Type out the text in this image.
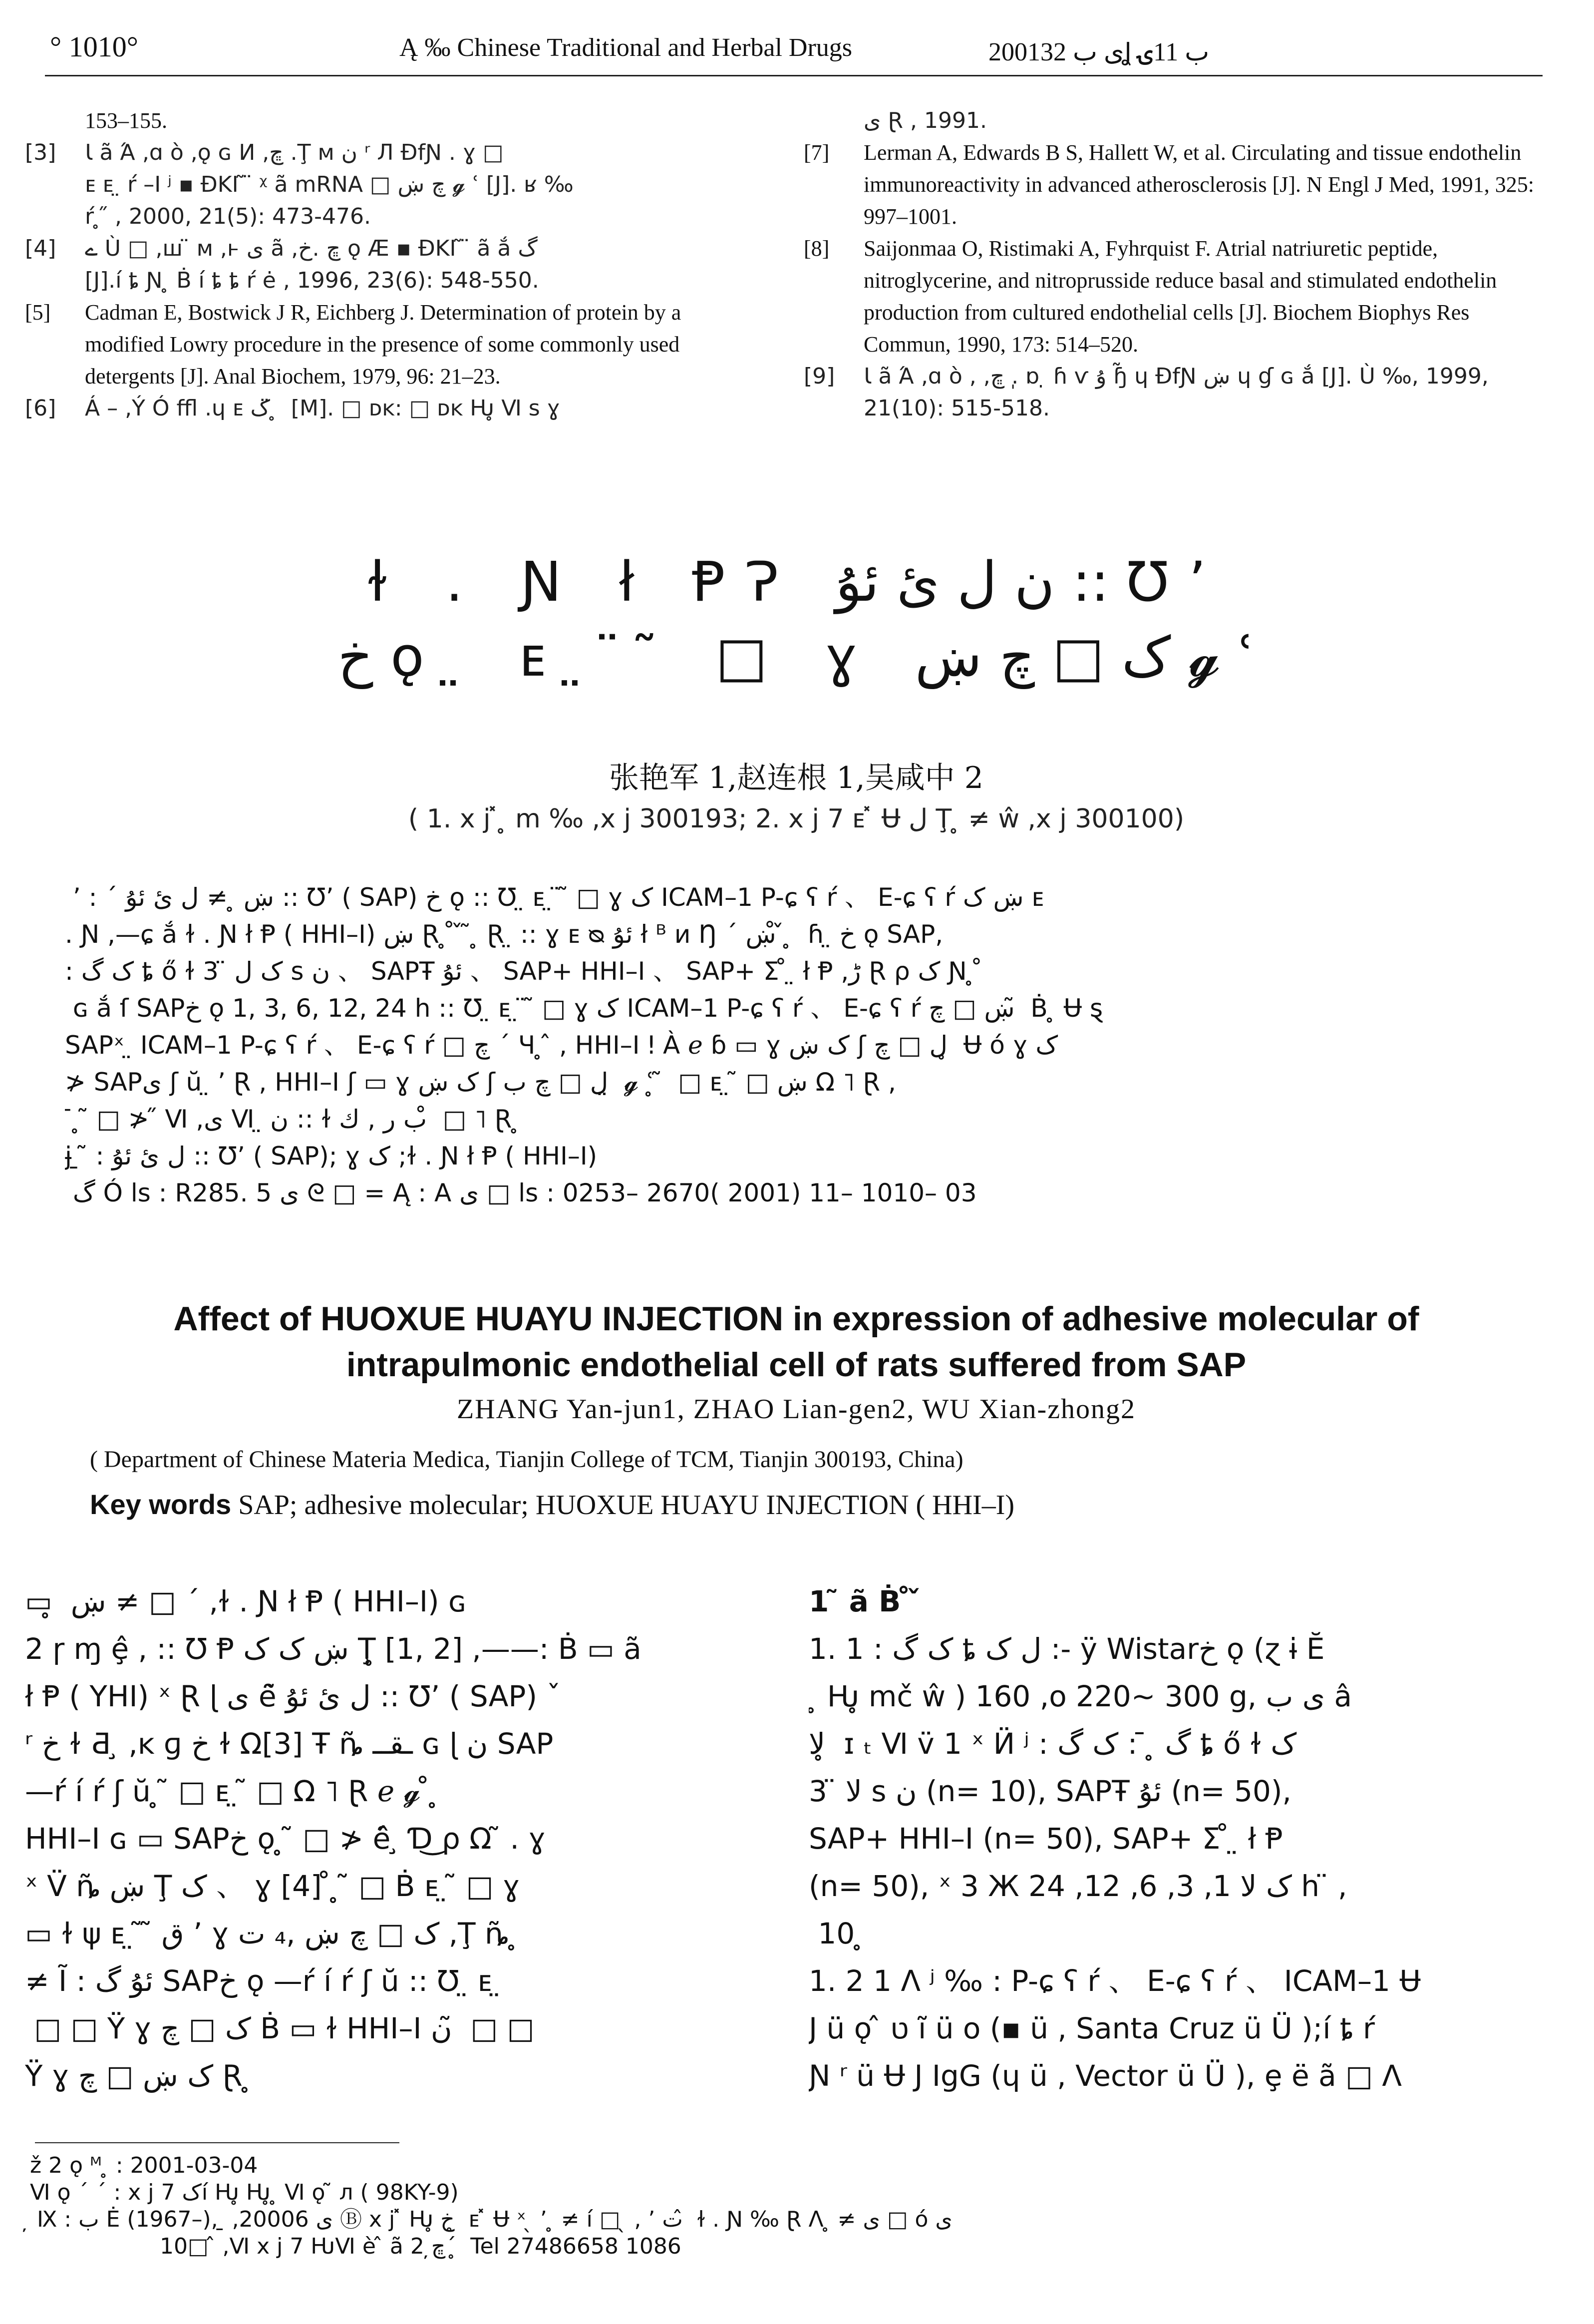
° 1010°	Ą ‰ Chinese Traditional and Herbal Drugs	2001ى ب 32Ʝ ب 11ۍ
153–155.
[3]	Ɩ ã Ά ,ɑ ò ,ǫ ɢ И ,ڇ .Ţ ᴍ ن ʳ Л ÐfƝ . ɣ □
ᴇ ᴇ ̤ ŕ –I ʲ ▪ ƉKI ̃ ̈ ᵡ ã mRNA □ چ ښ 𝓰 ʿ [J]. ʁ ‰
ŕ ̥ ̋ , 2000, 21(5): 473-476.
[4]	ے Ù □ ,ш ̈ ᴍ ,ⱶ ى ã ,ڇ .ﺥ ǫ Æ ▪ ƉKI ̃ ̈ ã ắ گ
[J].í ȶ Ɲ ̥ Ḃ í ȶ ȶ ŕ ė , 1996, 23(6): 548-550.
[5]	Cadman E, Bostwick J R, Eichberg J. Determination of protein by a modified Lowry procedure in the presence of some commonly used detergents [J]. Anal Biochem, 1979, 96: 21–23.
[6]	Á – ,Ý Ó ffl .ɥ ᴇ ک ̈ ̥ [M]. □ ᴅĸ: □ ᴅĸ Ƕ̥ Ⅵ s ɣ
ى Ɽ , 1991.
[7]	Lerman A, Edwards B S, Hallett W, et al. Circulating and tissue endothelin immunoreactivity in advanced atherosclerosis [J]. N Engl J Med, 1991, 325: 997–1001.
[8]	Saijonmaa O, Ristimaki A, Fyhrquist F. Atrial natriuretic peptide, nitroglycerine, and nitroprusside reduce basal and stimulated endothelin production from cultured endothelial cells [J]. Biochem Biophys Res Commun, 1990, 173: 514–520.
[9]	Ɩ ã Ά ,ɑ ò , ,ڇ . ̩ɒ ̣ ɦ ѵ ۇ ɧ̃ ɥ ÐfƝ ښ ɥ ɠ ɢ ắ [J]. Ù ‰, 1999, 21(10): 515-518.
ɫ . Ɲ ł ⱣɁ ن ل ئ ئۇ :: Ʊʼ
ﺥ ǫ ̤ ᴇ ̤ ̈ ̃ □ ɣ ک □ چ ښ 𝓰 ʿ
张艳军 1,赵连根 1,吴咸中 2
( 1. x j ̽ ̥ m ‰ ,x j 300193; 2. x j 7 ᴇ ̽ Ʉ ل Ţ ̥ ≠ ŵ ,x j 300100)
̃ ʼ : ˊ ښ ̥ ≠ ل ئ ئۇ :: Ʊʼ ( SAP) ﺥ ǫ :: Ʊ ̤ ᴇ ̤ ̈ ̃ □ ɣ ک ICAM–1 P-ɕ ʕ ŕ 、 E-ɕ ʕ ŕ ښ ک ᴇ
. Ɲ ,—ɕ ắ ɫ . Ɲ ł Ᵽ ( HHI–I) ښ Ɽ ̥ ̊ ̌ ̃ ̥ Ɽ ̤ :: ɣ ᴇ ᴓ ئۇ ł ᴮ ᴎ Ŋ ˊ ښ ̊ ̌ ̥ ɦ ̤ ﺥ ǫ SAP,
: ک گ ȶ ő ɫ ک ل ̈ 3 s ن 、 SAPŦ ئۇ 、 SAP+ HHI–I 、 SAP+ Σ ̊ ̤ ł Ᵽ ,ڑ Ɽ ρ ک Ɲ ̥ ̊
̌ ɢ ắ ſ SAPﺥ ǫ 1, 3, 6, 12, 24 h :: Ʊ ̤ ᴇ ̤ ̈ ̃ □ ɣ ک ICAM–1 P-ɕ ʕ ŕ 、 E-ɕ ʕ ŕ ښ □ چ ̃ Ḃ ̥ Ʉ ȿ
SAPˣ ̤ ICAM–1 P-ɕ ʕ ŕ 、 E-ɕ ʕ ŕ □ چ ˊ Ч ̥ ̂ , HHI–I ǃ À ℯ ɓ ▭ ɣ ک ښ ʃ ﻝ □ چ ̥ Ʉ ó ɣ ک
≯ SAPی ʃ ŭ ̤ ʼ Ɽ , HHI–I ʃ ▭ ɣ ک ښ ʃ ﻝ □ چ ب ̤ 𝓰 ʿ ̥ ̃ □ ᴇ ̤ ̃ □ ښ Ω ˥ Ɽ ,
̱ ̄ ̥ ̃ □ ≯ ̋ Ⅵ ,ى Ⅵ ̤ ن :: ɫ ب ر , ك ̊ □ ˥ Ɽ ̥
ɉ ̱ ̃ : ل ئ ئۇ :: Ʊʼ ( SAP); ɣ ک ;ɫ . Ɲ ł Ᵽ ( HHI–I)
̄ گ Ó ls : R285. 5 ى ᘓ □ = Ą : A ى □ ls : 0253– 2670( 2001) 11– 1010– 03
Affect of HUOXUE HUAYU INJECTION in expression of adhesive molecular of intrapulmonic endothelial cell of rats suffered from SAP
ZHANG Yan-jun1, ZHAO Lian-gen2, WU Xian-zhong2
( Department of Chinese Materia Medica, Tianjin College of TCM, Tianjin 300193, China)
Key words SAP; adhesive molecular; HUOXUE HUAYU INJECTION ( HHI–I)
▭ ̥ ښ ≠ □ ˊ ,ɫ . Ɲ ł Ᵽ ( HHI–I) ɢ
2 ɼ ɱ ȩ̂ , :: Ʊ Ᵽ ښ ک ک Ţ̥ [1, 2] ,——: Ḃ ▭ ã
ł Ᵽ ( YHI) ˣ Ɽ ɭ ى ȇ̃ ل ئ ئۇ :: Ʊʼ ( SAP) ˇ
ʳ ﺥ ɫ Ƌ ̧ ,ĸ ɡ ﺥ ɫ Ω[3] Ŧ ȵ̃ ـقــ ɢ ɭ ن SAP
—ŕ í ŕ ʃ ŭ ̥ ̃ □ ᴇ ̤ ̃ □ Ω ˥ Ɽ ℯ 𝓰 ̊ ̥
HHI–I ɢ ▭ SAPﺥ ǫ ̥ ̃ □ ≯ ȇ̂ ̧ Ɗ͜ ρ Ω ̃ . ɣ
ˣ V̈ ȵ̃ ښ Ţ ک 、 ɣ [4] ̊ ̥ ̃ □ Ḃ ᴇ ̤ ̃ □ ɣ
▭ ɫ ψ ᴇ ̤ ̃ ̃ ق ʼ ɣ ک □ چ ښ ,₄ ت ,Ţ ȵ̃ ̥
≠ Ĩ : ئۇ گ SAPﺥ ǫ —ŕ í ŕ ʃ ŭ :: Ʊ ̤ ᴇ ̤
̃ □ □ Ÿ ɣ ک □ چ Ḃ ▭ ɫ HHI–I ن ̃ □ □
Ÿ ɣ ک ښ □ چ Ɽ ̥
1 ̃ ã Ḃ ̊ ̌
1. 1 : ک گ ȶ ل ک :- ÿ Wistarﺥ ǫ (ɀ ɨ Ĕ
̽ ̥ Ƕ̥ mč ŵ ) 160 ,o 220~ 300 g, ى ب â
ﻻ ̥ ɪ ₜ Ⅵ v̈ 1 ˣ Ӥ ʲ : گ ̥ ̄ : ک گ ȶ ő ɫ ک
ﻻ ̈ 3 s ن (n= 10), SAPŦ ئۇ (n= 50),
SAP+ HHI–I (n= 50), SAP+ Σ ̊ ̤ ł Ᵽ
(n= 50), ˣ 3 Ж ک ﻻ 1, 3, 6, 12, 24 h ̈ ,
̈ 10 ̥
1. 2 1 Λ ʲ ‰ : P-ɕ ʕ ŕ 、 E-ɕ ʕ ŕ 、 ICAM–1 Ʉ
J ü ǫ ̂ ט ĩ ü o (▪ ü , Santa Cruz ü Ü );í ȶ ŕ
Ɲ ʳ ü Ʉ J IgG (ɥ ü , Vector ü Ü ), ȩ ë ã □ Λ
ž 2 ǫ ᴹ ̥ : 2001-03-04
Ⅵ ǫ ˊ ˊ : x j 7 کí Ƕ̥ Ƕ̥ ̥ Ⅵ ǫ ̃ л ( 98KY-9)
̦ Ⅸ : ب Ė (1967–), ̱ ,2000ى 6 Ⓑ x j ̽ Ƕ̥ ﺥ ̥ ᴇ ̽ Ʉ ˣ ̖ ʼ ̥ ≠ í □ ̖ , ʼ ت ̂ ɫ . Ɲ ‰ Ɽ Λ ̥ ≠ ى □ ó ى
10□ ̂ ,Ⅵ x j 7 ǶⅥ è ̂ ã ڇ̦ 2ˊ ̥ Tel 27486658 1086
